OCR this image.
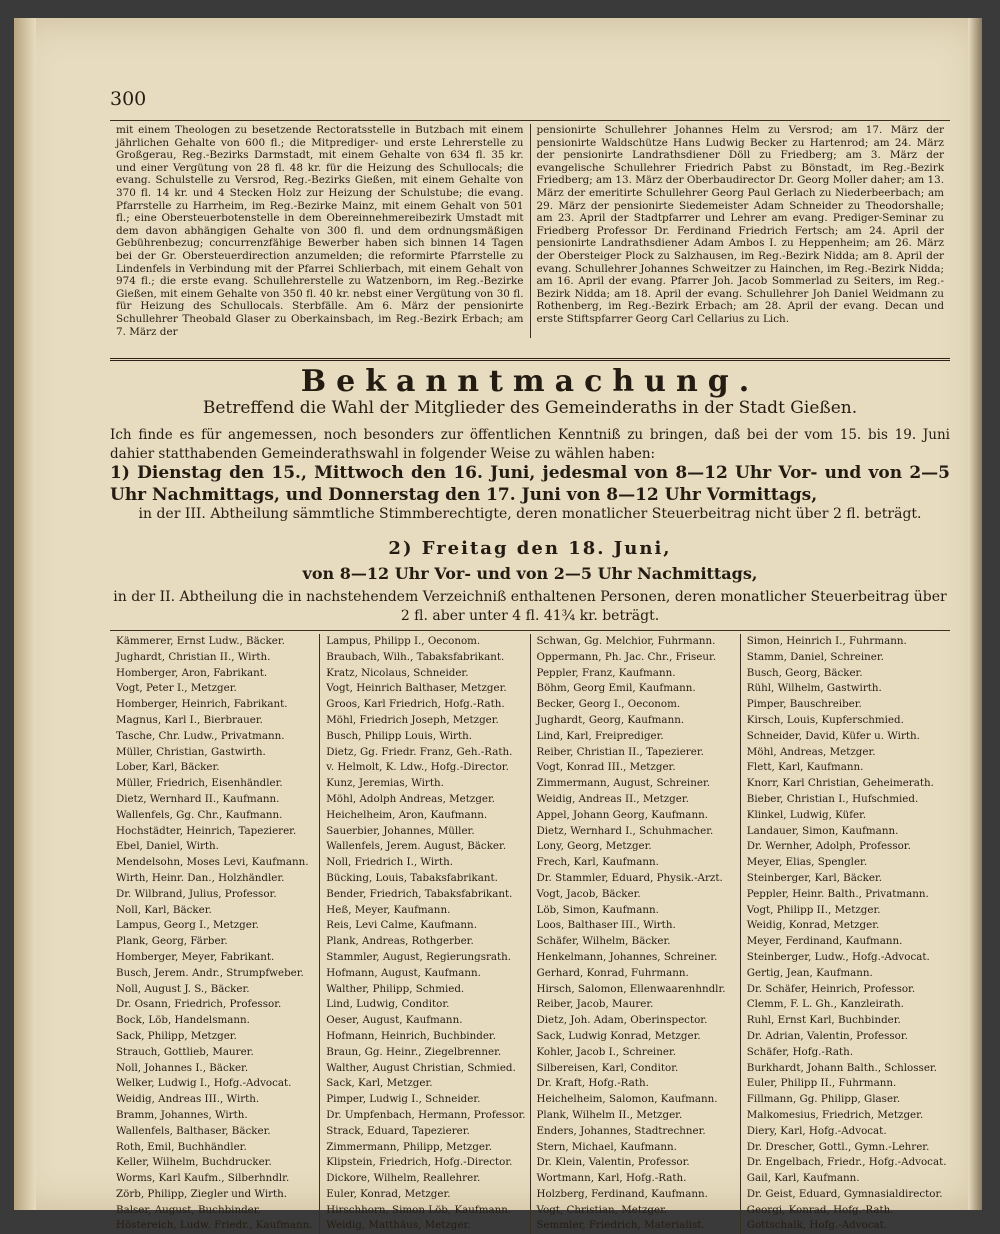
300
mit einem Theologen zu besetzende Rectoratsstelle in Butzbach mit einem jährlichen Gehalte von 600 fl.; die Mitprediger- und erste Lehrerstelle zu Großgerau, Reg.-Bezirks Darmstadt, mit einem Gehalte von 634 fl. 35 kr. und einer Vergütung von 28 fl. 48 kr. für die Heizung des Schullocals; die evang. Schulstelle zu Versrod, Reg.-Bezirks Gießen, mit einem Gehalte von 370 fl. 14 kr. und 4 Stecken Holz zur Heizung der Schulstube; die evang. Pfarrstelle zu Harrheim, im Reg.-Bezirke Mainz, mit einem Gehalt von 501 fl.; eine Obersteuerbotenstelle in dem Obereinnehmereibezirk Umstadt mit dem davon abhängigen Gehalte von 300 fl. und dem ordnungsmäßigen Gebührenbezug; concurrenzfähige Bewerber haben sich binnen 14 Tagen bei der Gr. Obersteuerdirection anzumelden; die reformirte Pfarrstelle zu Lindenfels in Verbindung mit der Pfarrei Schlierbach, mit einem Gehalt von 974 fl.; die erste evang. Schullehrerstelle zu Watzenborn, im Reg.-Bezirke Gießen, mit einem Gehalte von 350 fl. 40 kr. nebst einer Vergütung von 30 fl. für Heizung des Schullocals. Sterbfälle. Am 6. März der pensionirte Schullehrer Theobald Glaser zu Oberkainsbach, im Reg.-Bezirk Erbach; am 7. März der
pensionirte Schullehrer Johannes Helm zu Versrod; am 17. März der pensionirte Waldschütze Hans Ludwig Becker zu Hartenrod; am 24. März der pensionirte Landrathsdiener Döll zu Friedberg; am 3. März der evangelische Schullehrer Friedrich Pabst zu Bönstadt, im Reg.-Bezirk Friedberg; am 13. März der Oberbaudirector Dr. Georg Moller daher; am 13. März der emeritirte Schullehrer Georg Paul Gerlach zu Niederbeerbach; am 29. März der pensionirte Siedemeister Adam Schneider zu Theodorshalle; am 23. April der Stadtpfarrer und Lehrer am evang. Prediger-Seminar zu Friedberg Professor Dr. Ferdinand Friedrich Fertsch; am 24. April der pensionirte Landrathsdiener Adam Ambos I. zu Heppenheim; am 26. März der Obersteiger Plock zu Salzhausen, im Reg.-Bezirk Nidda; am 8. April der evang. Schullehrer Johannes Schweitzer zu Hainchen, im Reg.-Bezirk Nidda; am 16. April der evang. Pfarrer Joh. Jacob Sommerlad zu Seiters, im Reg.-Bezirk Nidda; am 18. April der evang. Schullehrer Joh Daniel Weidmann zu Rothenberg, im Reg.-Bezirk Erbach; am 28. April der evang. Decan und erste Stiftspfarrer Georg Carl Cellarius zu Lich.
Bekanntmachung.
Betreffend die Wahl der Mitglieder des Gemeinderaths in der Stadt Gießen.
Ich finde es für angemessen, noch besonders zur öffentlichen Kenntniß zu bringen, daß bei der vom 15. bis 19. Juni dahier statthabenden Gemeinderathswahl in folgender Weise zu wählen haben:
1) Dienstag den 15., Mittwoch den 16. Juni, jedesmal von 8—12 Uhr Vor- und von 2—5 Uhr Nachmittags, und Donnerstag den 17. Juni von 8—12 Uhr Vormittags,
in der III. Abtheilung sämmtliche Stimmberechtigte, deren monatlicher Steuerbeitrag nicht über 2 fl. beträgt.
2) Freitag den 18. Juni,
von 8—12 Uhr Vor- und von 2—5 Uhr Nachmittags,
in der II. Abtheilung die in nachstehendem Verzeichniß enthaltenen Personen, deren monatlicher Steuerbeitrag über 2 fl. aber unter 4 fl. 41¾ kr. beträgt.
Kämmerer, Ernst Ludw., Bäcker.
Jughardt, Christian II., Wirth.
Homberger, Aron, Fabrikant.
Vogt, Peter I., Metzger.
Homberger, Heinrich, Fabrikant.
Magnus, Karl I., Bierbrauer.
Tasche, Chr. Ludw., Privatmann.
Müller, Christian, Gastwirth.
Lober, Karl, Bäcker.
Müller, Friedrich, Eisenhändler.
Dietz, Wernhard II., Kaufmann.
Wallenfels, Gg. Chr., Kaufmann.
Hochstädter, Heinrich, Tapezierer.
Ebel, Daniel, Wirth.
Mendelsohn, Moses Levi, Kaufmann.
Wirth, Heinr. Dan., Holzhändler.
Dr. Wilbrand, Julius, Professor.
Noll, Karl, Bäcker.
Lampus, Georg I., Metzger.
Plank, Georg, Färber.
Homberger, Meyer, Fabrikant.
Busch, Jerem. Andr., Strumpfweber.
Noll, August J. S., Bäcker.
Dr. Osann, Friedrich, Professor.
Bock, Löb, Handelsmann.
Sack, Philipp, Metzger.
Strauch, Gottlieb, Maurer.
Noll, Johannes I., Bäcker.
Welker, Ludwig I., Hofg.-Advocat.
Weidig, Andreas III., Wirth.
Bramm, Johannes, Wirth.
Wallenfels, Balthaser, Bäcker.
Roth, Emil, Buchhändler.
Keller, Wilhelm, Buchdrucker.
Worms, Karl Kaufm., Silberhndlr.
Zörb, Philipp, Ziegler und Wirth.
Balser, August, Buchbinder.
Höstereich, Ludw. Friedr., Kaufmann.
Lampus, Philipp I., Oeconom.
Braubach, Wilh., Tabaksfabrikant.
Kratz, Nicolaus, Schneider.
Vogt, Heinrich Balthaser, Metzger.
Groos, Karl Friedrich, Hofg.-Rath.
Möhl, Friedrich Joseph, Metzger.
Busch, Philipp Louis, Wirth.
Dietz, Gg. Friedr. Franz, Geh.-Rath.
v. Helmolt, K. Ldw., Hofg.-Director.
Kunz, Jeremias, Wirth.
Möhl, Adolph Andreas, Metzger.
Heichelheim, Aron, Kaufmann.
Sauerbier, Johannes, Müller.
Wallenfels, Jerem. August, Bäcker.
Noll, Friedrich I., Wirth.
Bücking, Louis, Tabaksfabrikant.
Bender, Friedrich, Tabaksfabrikant.
Heß, Meyer, Kaufmann.
Reis, Levi Calme, Kaufmann.
Plank, Andreas, Rothgerber.
Stammler, August, Regierungsrath.
Hofmann, August, Kaufmann.
Walther, Philipp, Schmied.
Lind, Ludwig, Conditor.
Oeser, August, Kaufmann.
Hofmann, Heinrich, Buchbinder.
Braun, Gg. Heinr., Ziegelbrenner.
Walther, August Christian, Schmied.
Sack, Karl, Metzger.
Pimper, Ludwig I., Schneider.
Dr. Umpfenbach, Hermann, Professor.
Strack, Eduard, Tapezierer.
Zimmermann, Philipp, Metzger.
Klipstein, Friedrich, Hofg.-Director.
Dickore, Wilhelm, Reallehrer.
Euler, Konrad, Metzger.
Hirschhorn, Simon Löb, Kaufmann.
Weidig, Matthäus, Metzger.
Schwan, Gg. Melchior, Fuhrmann.
Oppermann, Ph. Jac. Chr., Friseur.
Peppler, Franz, Kaufmann.
Böhm, Georg Emil, Kaufmann.
Becker, Georg I., Oeconom.
Jughardt, Georg, Kaufmann.
Lind, Karl, Freiprediger.
Reiber, Christian II., Tapezierer.
Vogt, Konrad III., Metzger.
Zimmermann, August, Schreiner.
Weidig, Andreas II., Metzger.
Appel, Johann Georg, Kaufmann.
Dietz, Wernhard I., Schuhmacher.
Lony, Georg, Metzger.
Frech, Karl, Kaufmann.
Dr. Stammler, Eduard, Physik.-Arzt.
Vogt, Jacob, Bäcker.
Löb, Simon, Kaufmann.
Loos, Balthaser III., Wirth.
Schäfer, Wilhelm, Bäcker.
Henkelmann, Johannes, Schreiner.
Gerhard, Konrad, Fuhrmann.
Hirsch, Salomon, Ellenwaarenhndlr.
Reiber, Jacob, Maurer.
Dietz, Joh. Adam, Oberinspector.
Sack, Ludwig Konrad, Metzger.
Kohler, Jacob I., Schreiner.
Silbereisen, Karl, Conditor.
Dr. Kraft, Hofg.-Rath.
Heichelheim, Salomon, Kaufmann.
Plank, Wilhelm II., Metzger.
Enders, Johannes, Stadtrechner.
Stern, Michael, Kaufmann.
Dr. Klein, Valentin, Professor.
Wortmann, Karl, Hofg.-Rath.
Holzberg, Ferdinand, Kaufmann.
Vogt, Christian, Metzger.
Semmler, Friedrich, Materialist.
Simon, Heinrich I., Fuhrmann.
Stamm, Daniel, Schreiner.
Busch, Georg, Bäcker.
Rühl, Wilhelm, Gastwirth.
Pimper, Bauschreiber.
Kirsch, Louis, Kupferschmied.
Schneider, David, Küfer u. Wirth.
Möhl, Andreas, Metzger.
Flett, Karl, Kaufmann.
Knorr, Karl Christian, Geheimerath.
Bieber, Christian I., Hufschmied.
Klinkel, Ludwig, Küfer.
Landauer, Simon, Kaufmann.
Dr. Wernher, Adolph, Professor.
Meyer, Elias, Spengler.
Steinberger, Karl, Bäcker.
Peppler, Heinr. Balth., Privatmann.
Vogt, Philipp II., Metzger.
Weidig, Konrad, Metzger.
Meyer, Ferdinand, Kaufmann.
Steinberger, Ludw., Hofg.-Advocat.
Gertig, Jean, Kaufmann.
Dr. Schäfer, Heinrich, Professor.
Clemm, F. L. Gh., Kanzleirath.
Ruhl, Ernst Karl, Buchbinder.
Dr. Adrian, Valentin, Professor.
Schäfer, Hofg.-Rath.
Burkhardt, Johann Balth., Schlosser.
Euler, Philipp II., Fuhrmann.
Fillmann, Gg. Philipp, Glaser.
Malkomesius, Friedrich, Metzger.
Diery, Karl, Hofg.-Advocat.
Dr. Drescher, Gottl., Gymn.-Lehrer.
Dr. Engelbach, Friedr., Hofg.-Advocat.
Gail, Karl, Kaufmann.
Dr. Geist, Eduard, Gymnasialdirector.
Georgi, Konrad, Hofg.-Rath.
Gottschalk, Hofg.-Advocat.
